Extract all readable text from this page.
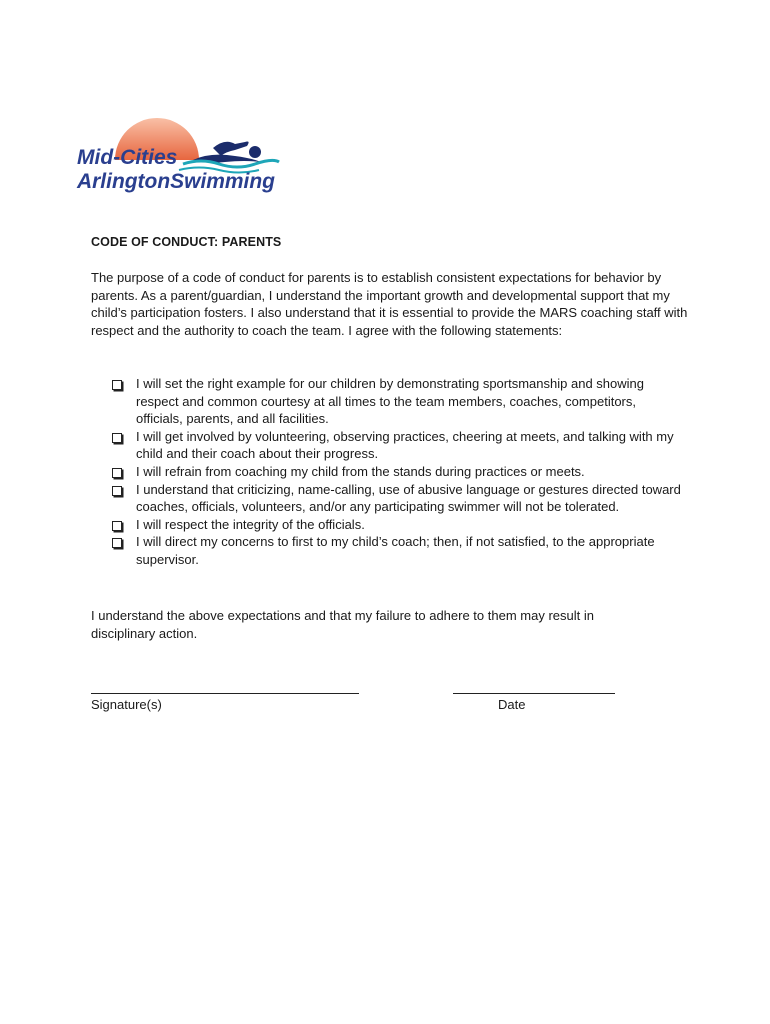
Mid-Cities
ArlingtonSwimming
CODE OF CONDUCT: PARENTS
The purpose of a code of conduct for parents is to establish consistent expectations for behavior by parents. As a parent/guardian, I understand the important growth and developmental support that my child’s participation fosters. I also understand that it is essential to provide the MARS coaching staff with respect and the authority to coach the team. I agree with the following statements:
I will set the right example for our children by demonstrating sportsmanship and showing respect and common courtesy at all times to the team members, coaches, competitors, officials, parents, and all facilities.
I will get involved by volunteering, observing practices, cheering at meets, and talking with my child and their coach about their progress.
I will refrain from coaching my child from the stands during practices or meets.
I understand that criticizing, name-calling, use of abusive language or gestures directed toward coaches, officials, volunteers, and/or any participating swimmer will not be tolerated.
I will respect the integrity of the officials.
I will direct my concerns to first to my child’s coach; then, if not satisfied, to the appropriate supervisor.
I understand the above expectations and that my failure to adhere to them may result in disciplinary action.
Signature(s)	Date
